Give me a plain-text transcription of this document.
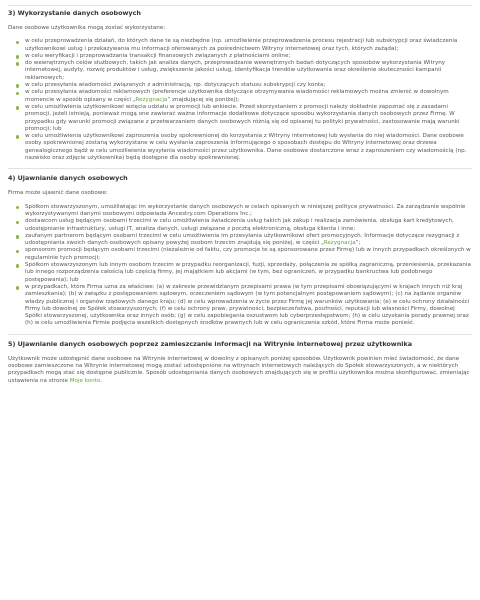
3) Wykorzystanie danych osobowych

Dane osobowe użytkownika mogą zostać wykorzystane:

w celu przeprowadzenia działań, do których dane te są niezbędne (np. umożliwienie przeprowadzenia procesu rejestracji lub subskrypcji oraz świadczenia użytkownikowi usług i przekazywania mu informacji oferowanych za pośrednictwem Witryny internetowej oraz tych, których zażąda);
w celu weryfikacji i przeprowadzania transakcji finansowych związanych z płatnościami online;
do wewnętrznych celów służbowych, takich jak analiza danych, przeprowadzanie wewnętrznych badań dotyczących sposobów wykorzystania Witryny internetowej, audyty, rozwój produktów i usług, zwiększenie jakości usług, identyfikacja trendów użytkowania oraz określenie skuteczności kampanii reklamowych;
w celu przesyłania wiadomości związanych z administracją, np. dotyczących statusu subskrypcji czy konta;
w celu przesyłania wiadomości reklamowych (preferencje użytkownika dotyczące otrzymywania wiadomości reklamowych można zmienić w dowolnym momencie w sposób opisany w części „Rezygnacja” znajdującej się poniżej);
w celu umożliwienia użytkownikowi wzięcia udziału w promocji lub ankiecie. Przed skorzystaniem z promocji należy dokładnie zapoznać się z zasadami promocji, jeżeli istnieją, ponieważ mogą one zawierać ważne informacje dodatkowe dotyczące sposobu wykorzystania danych osobowych przez Firmę. W przypadku gdy warunki promocji związane z przetwarzaniem danych osobowych różnią się od opisanej tu polityki prywatności, zastosowanie mają warunki promocji; lub
w celu umożliwienia użytkownikowi zaproszenia osoby spokrewnionej do korzystania z Witryny internetowej lub wysłania do niej wiadomości. Dane osobowe osoby spokrewnionej zostaną wykorzystane w celu wysłania zaproszenia informującego o sposobach dostępu do Witryny internetowej oraz drzewa genealogicznego bądź w celu umożliwienia wysyłania wiadomości przez użytkownika. Dane osobowe dostarczone wraz z zaproszeniem czy wiadomością (np. nazwisko oraz zdjęcie użytkownika) będą dostępne dla osoby spokrewnionej.
4) Ujawnianie danych osobowych

Firma może ujawnić dane osobowe:

Spółkom stowarzyszonym, umożliwiając im wykorzystanie danych osobowych w celach opisanych w niniejszej polityce prywatności. Za zarządzanie wspólnie wykorzystywanymi danymi osobowymi odpowiada Ancestry.com Operations Inc.;
dostawcom usług będącym osobami trzecimi w celu umożliwienia świadczenia usług takich jak zakup i realizacja zamówienia, obsługa kart kredytowych, udostępnianie infrastruktury, usługi IT, analiza danych, usługi związane z pocztą elektroniczną, obsługa klienta i inne;
zaufanym partnerom będącym osobami trzecimi w celu umożliwienia im przesyłania użytkownikowi ofert promocyjnych. Informacje dotyczące rezygnacji z udostępniania swoich danych osobowych opisany powyżej osobom trzecim znajdują się poniżej, w części „Rezygnacja”;
sponsorom promocji będącym osobami trzecimi (niezależnie od faktu, czy promocje te są sponsorowane przez Firmę) lub w innych przypadkach określonych w regulaminie tych promocji;
Spółkom stowarzyszonym lub innym osobom trzecim w przypadku reorganizacji, fuzji, sprzedaży, połączenia ze spółką zagraniczną, przeniesienia, przekazania lub innego rozporządzenia całością lub częścią firmy, jej majątkiem lub akcjami (w tym, bez ograniczeń, w przypadku bankructwa lub podobnego postępowania); lub
w przypadkach, które Firma uzna za właściwe: (a) w zakresie przewidzianym przepisami prawa (w tym przepisami obowiązującymi w krajach innych niż kraj zamieszkania); (b) w związku z postępowaniem sądowym, orzeczeniem sądowym (w tym potencjalnym postępowaniem sądowym); (c) na żądanie organów władzy publicznej i organów rządowych danego kraju; (d) w celu wprowadzenia w życie przez Firmę jej warunków użytkowania; (e) w celu ochrony działalności Firmy lub dowolnej ze Spółek stowarzyszonych; (f) w celu ochrony praw, prywatności, bezpieczeństwa, poufności, reputacji lub własności Firmy, dowolnej Spółki stowarzyszonej, użytkownika oraz innych osób; (g) w celu zapobiegania oszustwom lub cyberprzestępstwom; (h) w celu uzyskania porady prawnej oraz (h) w celu umożliwienia Firmie podjęcia wszelkich dostępnych środków prawnych lub w celu ograniczenia szkód, które Firma może ponieść.
5) Ujawnianie danych osobowych poprzez zamieszczanie informacji na Witrynie internetowej przez użytkownika

Użytkownik może udostępnić dane osobowe na Witrynie internetowej w dowolny z opisanych poniżej sposobów. Użytkownik powinien mieć świadomość, że dane osobowe zamieszczone na Witrynie internetowej mogą zostać udostępnione na witrynach internetowych należących do Spółek stowarzyszonych, a w niektórych przypadkach mogą stać się dostępne publicznie. Sposób udostępniania danych osobowych znajdujących się w profilu użytkownika można skonfigurować, zmieniając ustawienia na stronie Moje konto.
